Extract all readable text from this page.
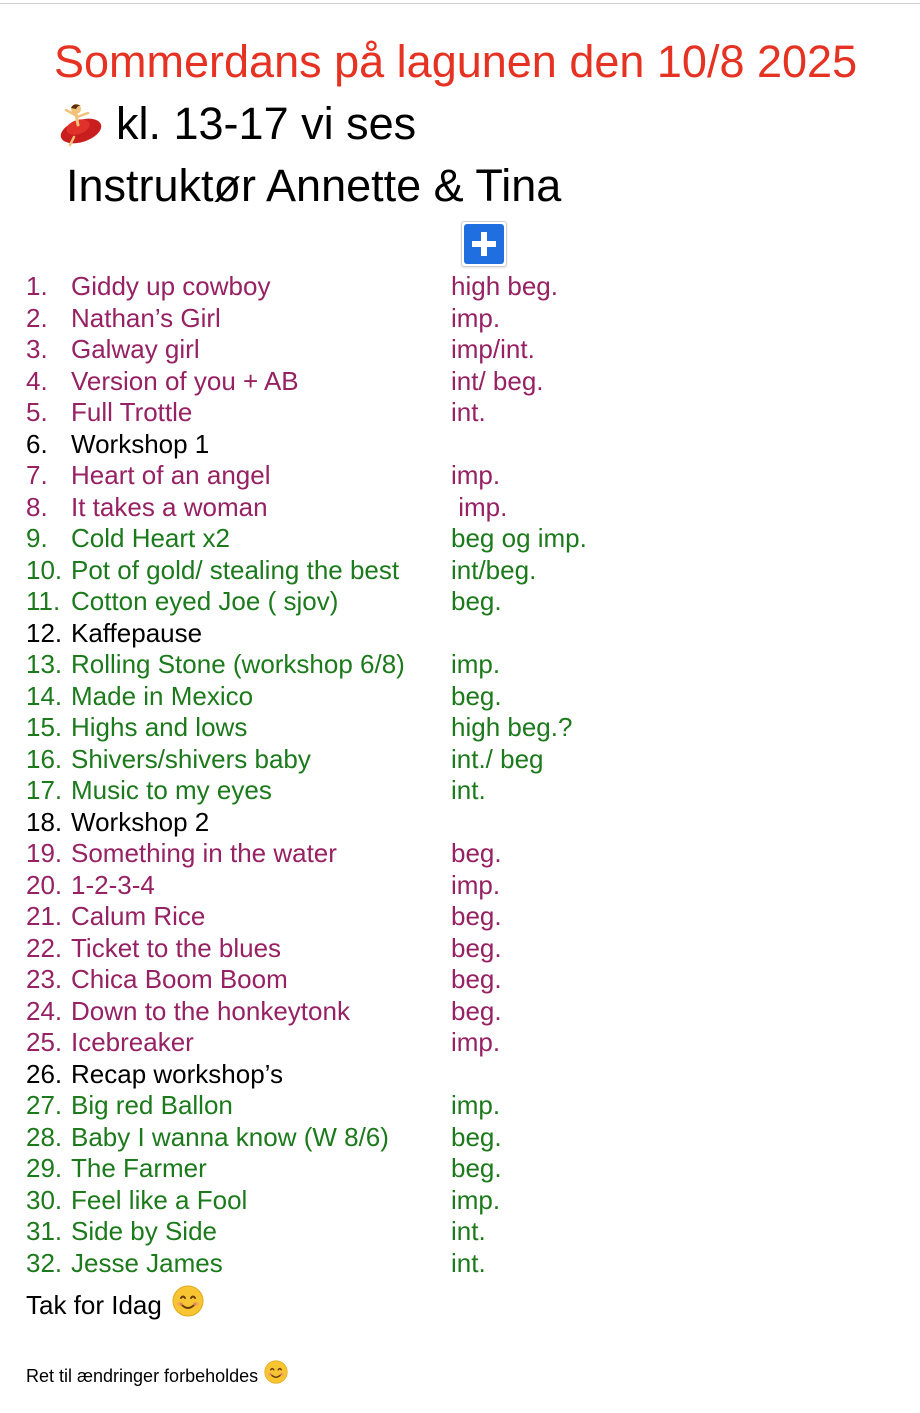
Sommerdans på lagunen den 10/8 2025
kl. 13-17 vi ses
Instruktør Annette & Tina
1. Giddy up cowboy	high beg.
2. Nathan’s Girl	imp.
3. Galway girl	imp/int.
4. Version of you + AB	int/ beg.
5. Full Trottle	int.
6. Workshop 1
7. Heart of an angel	imp.
8. It takes a woman	imp.
9. Cold Heart x2	beg og imp.
10. Pot of gold/ stealing the best int/beg.
11. Cotton eyed Joe ( sjov)	beg.
12. Kaffepause
13. Rolling Stone (workshop 6/8) imp.
14. Made in Mexico	beg.
15. Highs and lows	high beg.?
16. Shivers/shivers baby	int./ beg
17. Music to my eyes	int.
18. Workshop 2
19. Something in the water	beg.
20. 1-2-3-4	imp.
21. Calum Rice	beg.
22. Ticket to the blues	beg.
23. Chica Boom Boom	beg.
24. Down to the honkeytonk	beg.
25. Icebreaker	imp.
26. Recap workshop’s
27. Big red Ballon	imp.
28. Baby I wanna know (W 8/6) beg.
29. The Farmer	beg.
30. Feel like a Fool	imp.
31. Side by Side	int.
32. Jesse James	int.
Tak for Idag
Ret til ændringer forbeholdes
